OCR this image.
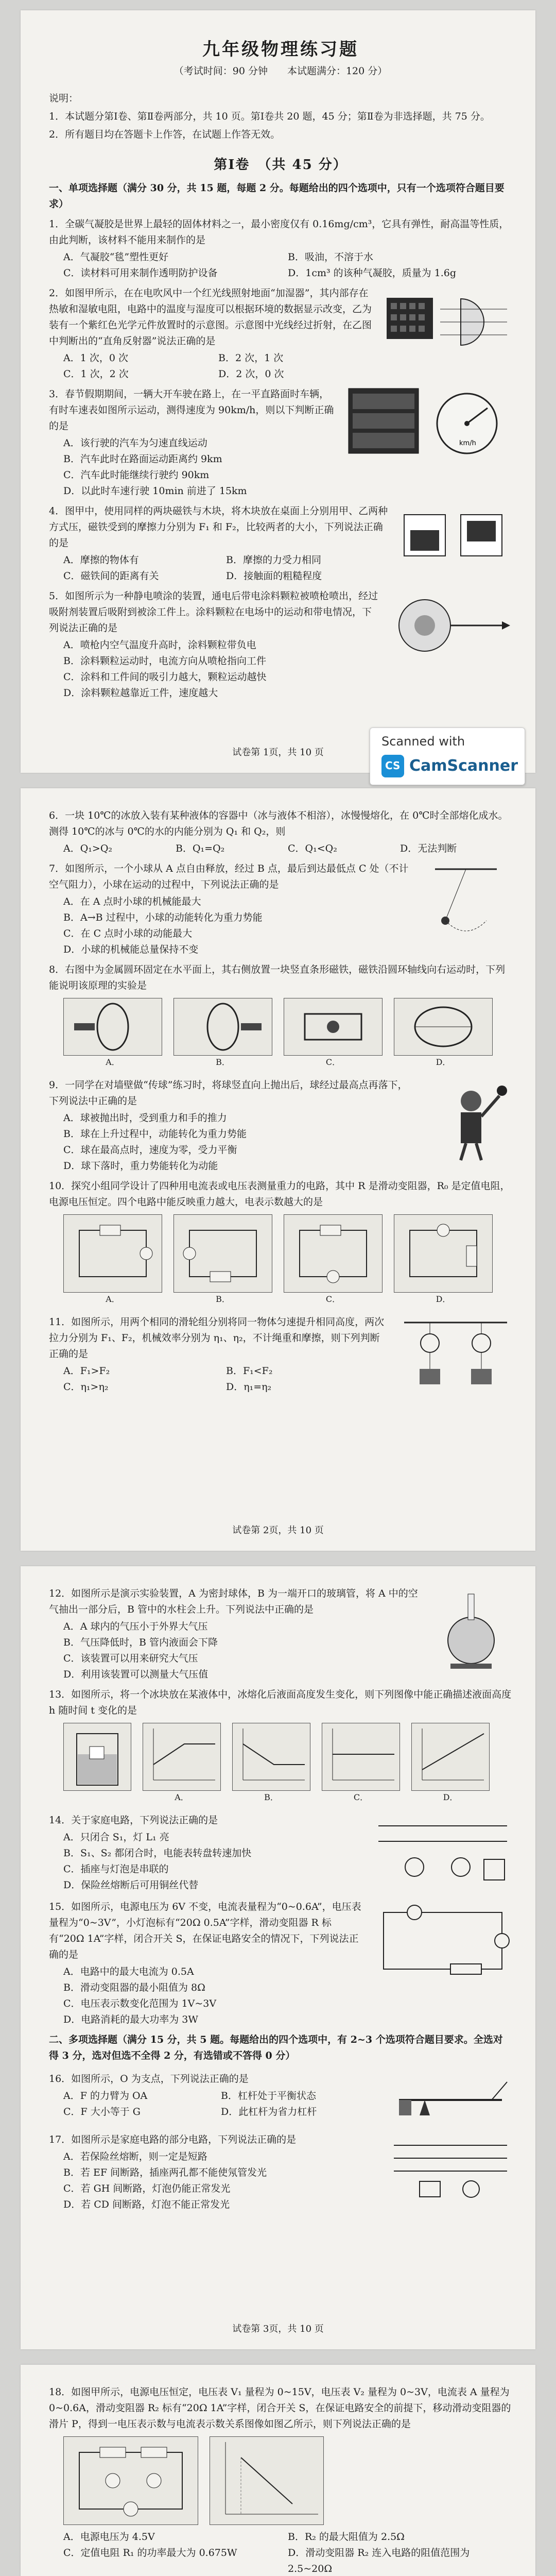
九年级物理练习题
（考试时间：90 分钟　　本试题满分：120 分）
说明：
1．本试题分第Ⅰ卷、第Ⅱ卷两部分，共 10 页。第Ⅰ卷共 20 题，45 分；第Ⅱ卷为非选择题，共 75 分。
2．所有题目均在答题卡上作答，在试题上作答无效。
第Ⅰ卷　（共 45 分）
一、单项选择题（满分 30 分，共 15 题，每题 2 分。每题给出的四个选项中，只有一个选项符合题目要求）
1．全碳气凝胶是世界上最轻的固体材料之一，最小密度仅有 0.16mg/cm³，它具有弹性，耐高温等性质，由此判断，该材料不能用来制作的是
A．气凝胶“毯”塑性更好	B．吸油，不溶于水
C．读材料可用来制作透明防护设备	D．1cm³ 的该种气凝胶，质量为 1.6g
2．如图甲所示，在在电吹风中一个红光线照射地面“加湿器”，其内部存在热敏和湿敏电阻，电路中的温度与湿度可以根据环境的数据显示改变，乙为装有一个紫红色光学元件放置时的示意图。示意图中光线经过折射，在乙图中判断出的“直角反射器”说法正确的是
A．1 次，0 次	B．2 次，1 次
C．1 次，2 次	D．2 次，0 次
3．春节假期期间，一辆大开车驶在路上，在一平直路面时车辆，有时车速表如图所示运动，测得速度为 90km/h，则以下判断正确的是
A．该行驶的汽车为匀速直线运动
B．汽车此时在路面运动距离约 9km
C．汽车此时能继续行驶约 90km
D．以此时车速行驶 10min 前进了 15km
km/h
4．图甲中，使用同样的两块磁铁与木块，将木块放在桌面上分别用甲、乙两种方式压，磁铁受到的摩擦力分别为 F₁ 和 F₂，比较两者的大小，下列说法正确的是
A．摩擦的物体有	B．摩擦的力受力相同
C．磁铁间的距离有关	D．接触面的粗糙程度
5．如图所示为一种静电喷涂的装置，通电后带电涂料颗粒被喷枪喷出，经过吸附剂装置后吸附到被涂工件上。涂料颗粒在电场中的运动和带电情况，下列说法正确的是
A．喷枪内空气温度升高时，涂料颗粒带负电
B．涂料颗粒运动时，电流方向从喷枪指向工件
C．涂料和工件间的吸引力越大，颗粒运动越快
D．涂料颗粒越靠近工件，速度越大
Scanned with
CS
CamScanner
试卷第 1页，共 10 页
6．一块 10℃的冰放入装有某种液体的容器中（冰与液体不相溶），冰慢慢熔化，在 0℃时全部熔化成水。测得 10℃的冰与 0℃的水的内能分别为 Q₁ 和 Q₂，则
A．Q₁>Q₂	B．Q₁=Q₂	C．Q₁<Q₂	D．无法判断
7．如图所示，一个小球从 A 点自由释放，经过 B 点，最后到达最低点 C 处（不计空气阻力），小球在运动的过程中，下列说法正确的是
A．在 A 点时小球的机械能最大
B．A→B 过程中，小球的动能转化为重力势能
C．在 C 点时小球的动能最大
D．小球的机械能总量保持不变
8．右图中为金属圆环固定在水平面上，其右侧放置一块竖直条形磁铁，磁铁沿圆环轴线向右运动时，下列能说明该原理的实验是
A．	B．	C．	D．
9．一同学在对墙壁做“传球”练习时，将球竖直向上抛出后，球经过最高点再落下，下列说法中正确的是
A．球被抛出时，受到重力和手的推力
B．球在上升过程中，动能转化为重力势能
C．球在最高点时，速度为零，受力平衡
D．球下落时，重力势能转化为动能
10．探究小组同学设计了四种用电流表或电压表测量重力的电路，其中 R 是滑动变阻器，R₀ 是定值电阻，电源电压恒定。四个电路中能反映重力越大，电表示数越大的是
A．	B．	C．	D．
11．如图所示，用两个相同的滑轮组分别将同一物体匀速提升相同高度，两次拉力分别为 F₁、F₂，机械效率分别为 η₁、η₂，不计绳重和摩擦，则下列判断正确的是
A．F₁>F₂	B．F₁<F₂
C．η₁>η₂	D．η₁=η₂
试卷第 2页，共 10 页
12．如图所示是演示实验装置，A 为密封球体，B 为一端开口的玻璃管，将 A 中的空气抽出一部分后，B 管中的水柱会上升。下列说法中正确的是
A．A 球内的气压小于外界大气压
B．气压降低时，B 管内液面会下降
C．该装置可以用来研究大气压
D．利用该装置可以测量大气压值
13．如图所示，将一个冰块放在某液体中，冰熔化后液面高度发生变化，则下列图像中能正确描述液面高度 h 随时间 t 变化的是
A．	B．	C．	D．
14．关于家庭电路，下列说法正确的是
A．只闭合 S₁，灯 L₁ 亮
B．S₁、S₂ 都闭合时，电能表转盘转速加快
C．插座与灯泡是串联的
D．保险丝熔断后可用铜丝代替
15．如图所示，电源电压为 6V 不变，电流表量程为“0~0.6A”，电压表量程为“0~3V”，小灯泡标有“20Ω 0.5A”字样，滑动变阻器 R 标有“20Ω 1A”字样，闭合开关 S，在保证电路安全的情况下，下列说法正确的是
A．电路中的最大电流为 0.5A
B．滑动变阻器的最小阻值为 8Ω
C．电压表示数变化范围为 1V~3V
D．电路消耗的最大功率为 3W
二、多项选择题（满分 15 分，共 5 题。每题给出的四个选项中，有 2~3 个选项符合题目要求。全选对得 3 分，选对但选不全得 2 分，有选错或不答得 0 分）
16．如图所示，O 为支点，下列说法正确的是
A．F 的力臂为 OA	B．杠杆处于平衡状态
C．F 大小等于 G	D．此杠杆为省力杠杆
17．如图所示是家庭电路的部分电路，下列说法正确的是
A．若保险丝熔断，则一定是短路
B．若 EF 间断路，插座两孔都不能使氖管发光
C．若 GH 间断路，灯泡仍能正常发光
D．若 CD 间断路，灯泡不能正常发光
试卷第 3页，共 10 页
18．如图甲所示，电源电压恒定，电压表 V₁ 量程为 0~15V，电压表 V₂ 量程为 0~3V，电流表 A 量程为 0~0.6A，滑动变阻器 R₂ 标有“20Ω 1A”字样，闭合开关 S，在保证电路安全的前提下，移动滑动变阻器的滑片 P，得到一电压表示数与电流表示数关系图像如图乙所示，则下列说法正确的是
A．电源电压为 4.5V	B．R₂ 的最大阻值为 2.5Ω
C．定值电阻 R₁ 的功率最大为 0.675W	D．滑动变阻器 R₂ 连入电路的阻值范围为 2.5~20Ω
